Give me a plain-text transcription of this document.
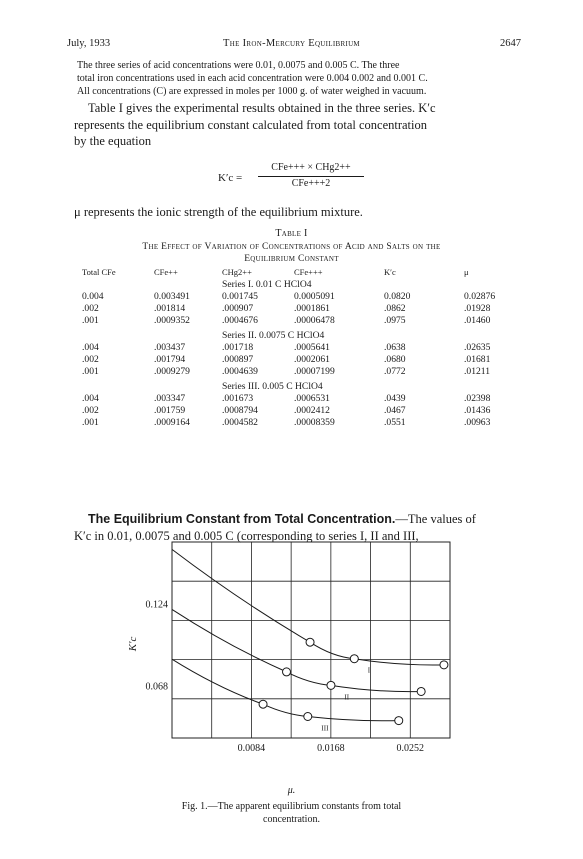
July, 1933	The Iron-Mercury Equilibrium	2647
The three series of acid concentrations were 0.01, 0.0075 and 0.005 C. The three
total iron concentrations used in each acid concentration were 0.004 0.002 and 0.001 C.
All concentrations (C) are expressed in moles per 1000 g. of water weighed in vacuum.
Table I gives the experimental results obtained in the three series. K′c
represents the equilibrium constant calculated from total concentration
by the equation
K′c =
CFe+++ × CHg2++
CFe+++2
μ represents the ionic strength of the equilibrium mixture.
Table I
The Effect of Variation of Concentrations of Acid and Salts on the
Equilibrium Constant
Total CFe	CFe++	CHg2++	CFe+++	K′c	μ
		Series I. 0.01 C HClO4			
0.004	0.003491	0.001745	0.0005091	0.0820	0.02876
.002	.001814	.000907	.0001861	.0862	.01928
.001	.0009352	.0004676	.00006478	.0975	.01460
		Series II. 0.0075 C HClO4			
.004	.003437	.001718	.0005641	.0638	.02635
.002	.001794	.000897	.0002061	.0680	.01681
.001	.0009279	.0004639	.00007199	.0772	.01211
		Series III. 0.005 C HClO4			
.004	.003347	.001673	.0006531	.0439	.02398
.002	.001759	.0008794	.0002412	.0467	.01436
.001	.0009164	.0004582	.00008359	.0551	.00963
The Equilibrium Constant from Total Concentration.—The values of
K′c in 0.01, 0.0075 and 0.005 C (corresponding to series I, II and III,
I
II
III
0.068
0.124
0.0084	0.0168	0.0252
K′c
μ.
Fig. 1.—The apparent equilibrium constants from total
concentration.
